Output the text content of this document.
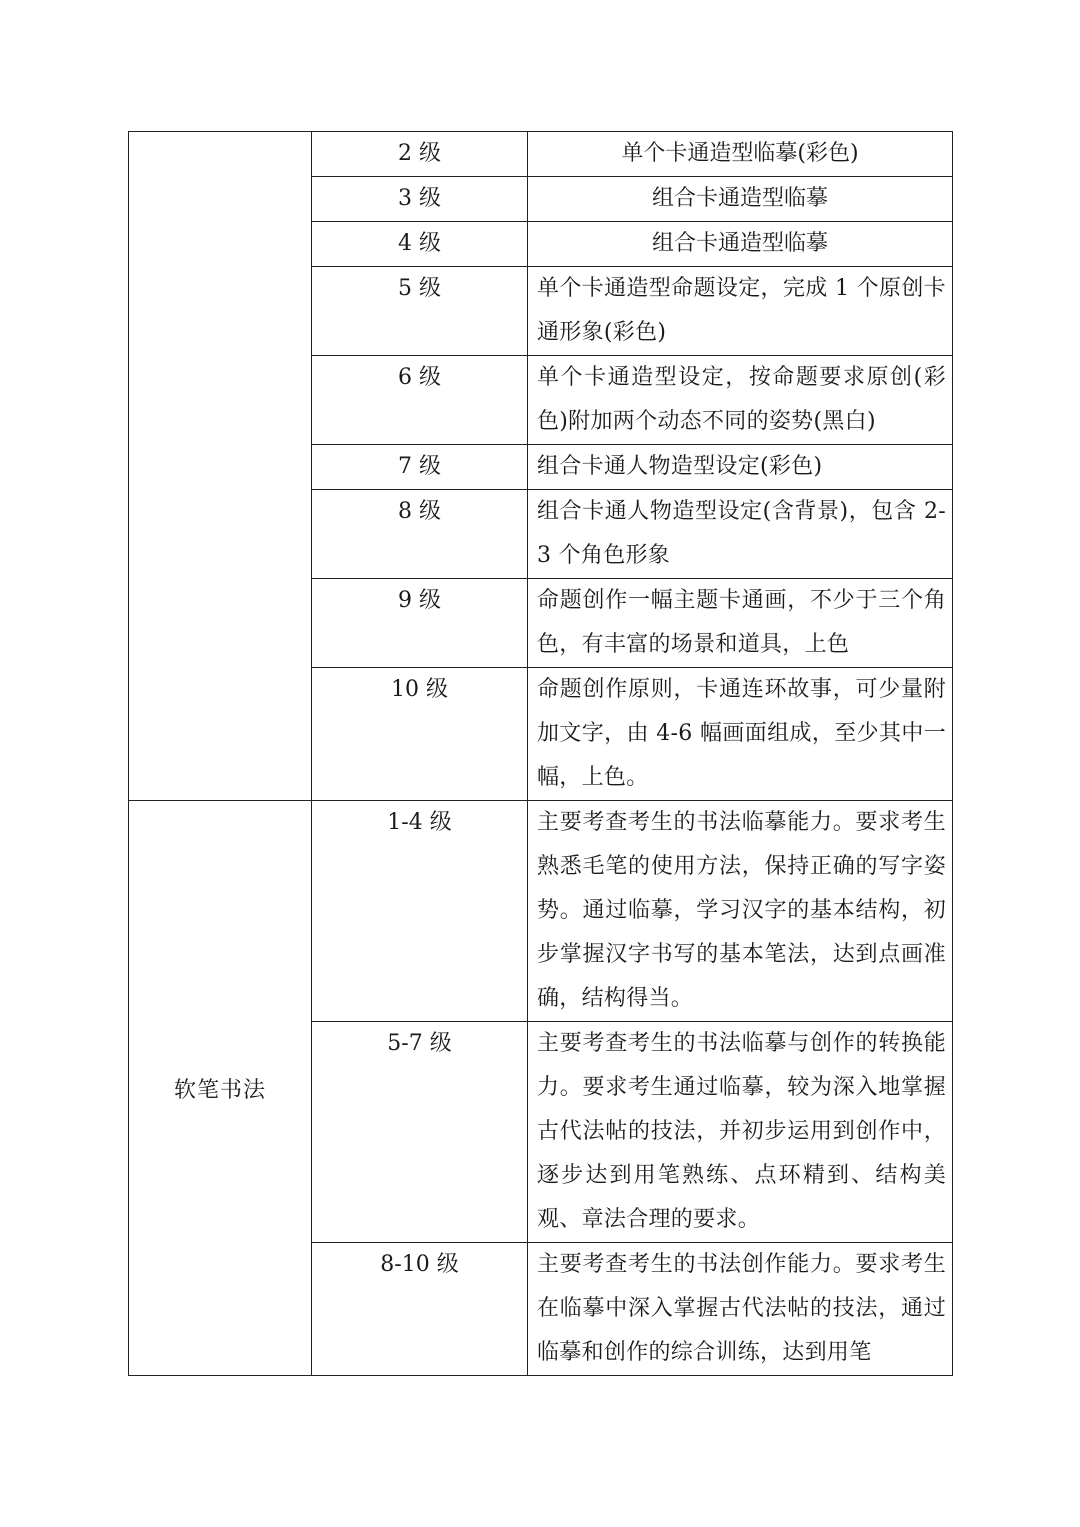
	2 级	单个卡通造型临摹(彩色)

	3 级	组合卡通造型临摹

	4 级	组合卡通造型临摹

	5 级	单个卡通造型命题设定，完成 1 个原创卡通形象(彩色)

	6 级	单个卡通造型设定，按命题要求原创(彩色)附加两个动态不同的姿势(黑白)

	7 级	组合卡通人物造型设定(彩色)

	8 级	组合卡通人物造型设定(含背景)，包含 2-3 个角色形象

	9 级	命题创作一幅主题卡通画，不少于三个角色，有丰富的场景和道具，上色

	10 级	命题创作原则，卡通连环故事，可少量附加文字，由 4-6 幅画面组成，至少其中一幅，上色。

软笔书法	1-4 级	主要考查考生的书法临摹能力。要求考生熟悉毛笔的使用方法，保持正确的写字姿势。通过临摹，学习汉字的基本结构，初步掌握汉字书写的基本笔法，达到点画准确，结构得当。

	5-7 级	主要考查考生的书法临摹与创作的转换能力。要求考生通过临摹，较为深入地掌握古代法帖的技法，并初步运用到创作中，逐步达到用笔熟练、点环精到、结构美观、章法合理的要求。

	8-10 级	主要考查考生的书法创作能力。要求考生在临摹中深入掌握古代法帖的技法，通过临摹和创作的综合训练，达到用笔
